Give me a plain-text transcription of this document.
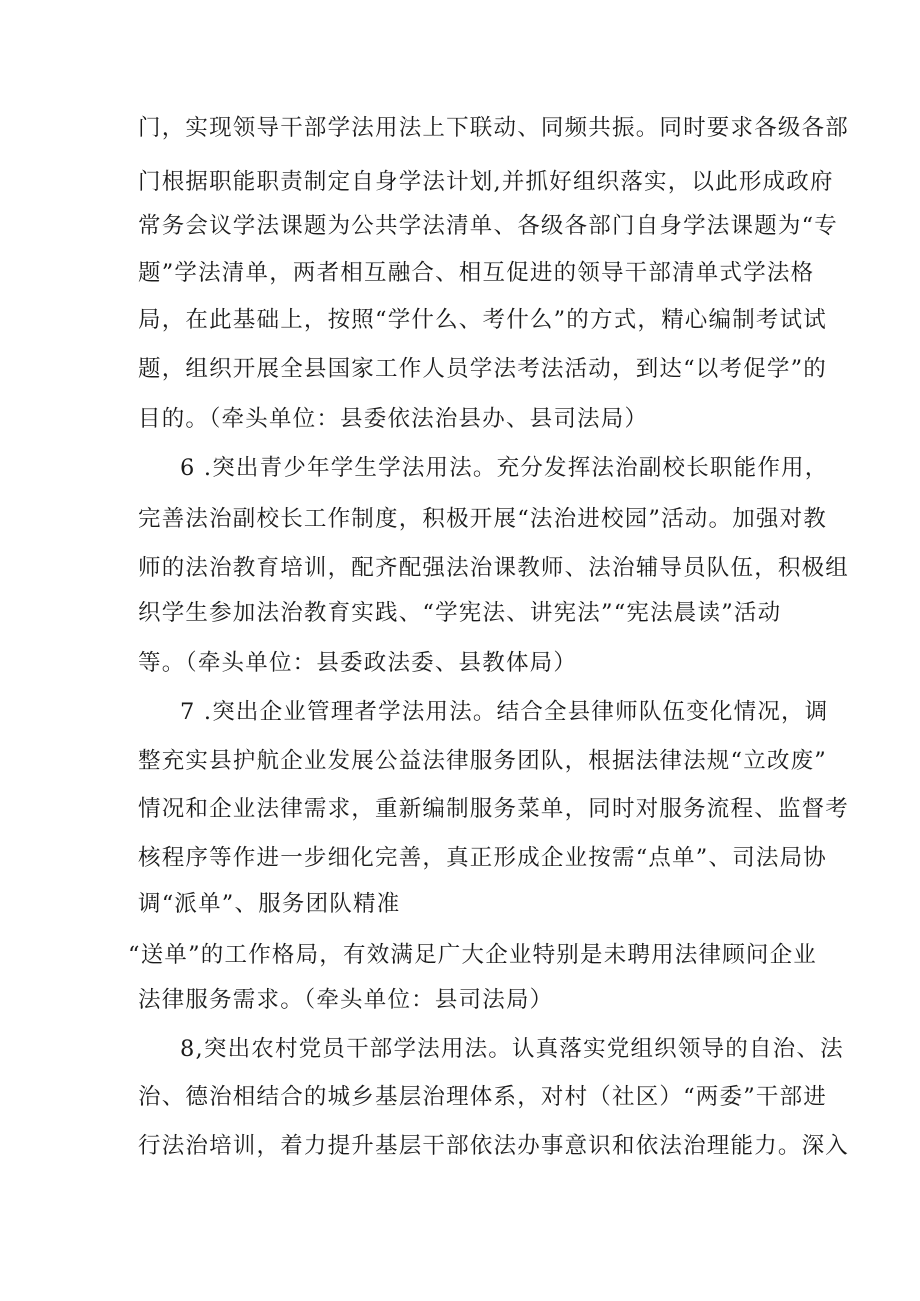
门，实现领导干部学法用法上下联动、同频共振。同时要求各级各部
门根据职能职责制定自身学法计划,并抓好组织落实，以此形成政府
常务会议学法课题为公共学法清单、各级各部门自身学法课题为“专
题”学法清单，两者相互融合、相互促进的领导干部清单式学法格
局，在此基础上，按照“学什么、考什么”的方式，精心编制考试试
题，组织开展全县国家工作人员学法考法活动，到达“以考促学”的
目的。（牵头单位：县委依法治县办、县司法局）
6 .突出青少年学生学法用法。充分发挥法治副校长职能作用，
完善法治副校长工作制度，积极开展“法治进校园”活动。加强对教
师的法治教育培训，配齐配强法治课教师、法治辅导员队伍，积极组
织学生参加法治教育实践、“学宪法、讲宪法”“宪法晨读”活动
等。（牵头单位：县委政法委、县教体局）
7 .突出企业管理者学法用法。结合全县律师队伍变化情况，调
整充实县护航企业发展公益法律服务团队，根据法律法规“立改废”
情况和企业法律需求，重新编制服务菜单，同时对服务流程、监督考
核程序等作进一步细化完善，真正形成企业按需“点单”、司法局协
调“派单”、服务团队精准
“送单”的工作格局，有效满足广大企业特别是未聘用法律顾问企业
法律服务需求。（牵头单位：县司法局）
8,突出农村党员干部学法用法。认真落实党组织领导的自治、法
治、德治相结合的城乡基层治理体系，对村（社区）“两委”干部进
行法治培训，着力提升基层干部依法办事意识和依法治理能力。深入
